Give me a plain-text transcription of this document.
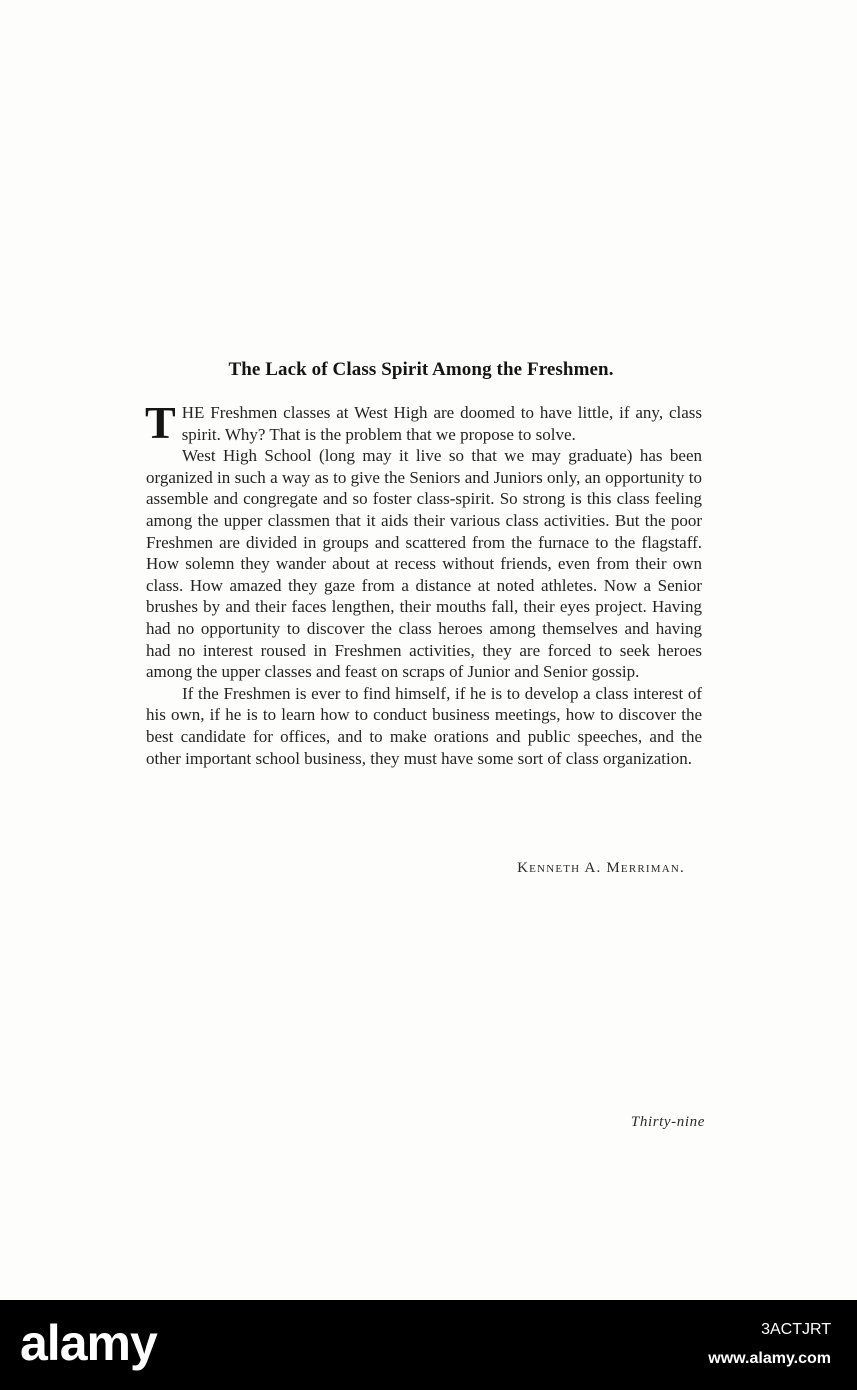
The Lack of Class Spirit Among the Freshmen.

THE Freshmen classes at West High are doomed to have little, if any, class spirit. Why? That is the problem that we propose to solve.

West High School (long may it live so that we may graduate) has been organized in such a way as to give the Seniors and Juniors only, an opportunity to assemble and congregate and so foster class-spirit. So strong is this class feeling among the upper classmen that it aids their various class activities. But the poor Freshmen are divided in groups and scattered from the furnace to the flagstaff. How solemn they wander about at recess without friends, even from their own class. How amazed they gaze from a distance at noted athletes. Now a Senior brushes by and their faces lengthen, their mouths fall, their eyes project. Having had no opportunity to discover the class heroes among themselves and having had no interest roused in Freshmen activities, they are forced to seek heroes among the upper classes and feast on scraps of Junior and Senior gossip.

If the Freshmen is ever to find himself, if he is to develop a class interest of his own, if he is to learn how to conduct business meetings, how to discover the best candidate for offices, and to make orations and public speeches, and the other important school business, they must have some sort of class organization.

Kenneth A. Merriman.
Thirty-nine
alamy	3ACTJRT
www.alamy.com
